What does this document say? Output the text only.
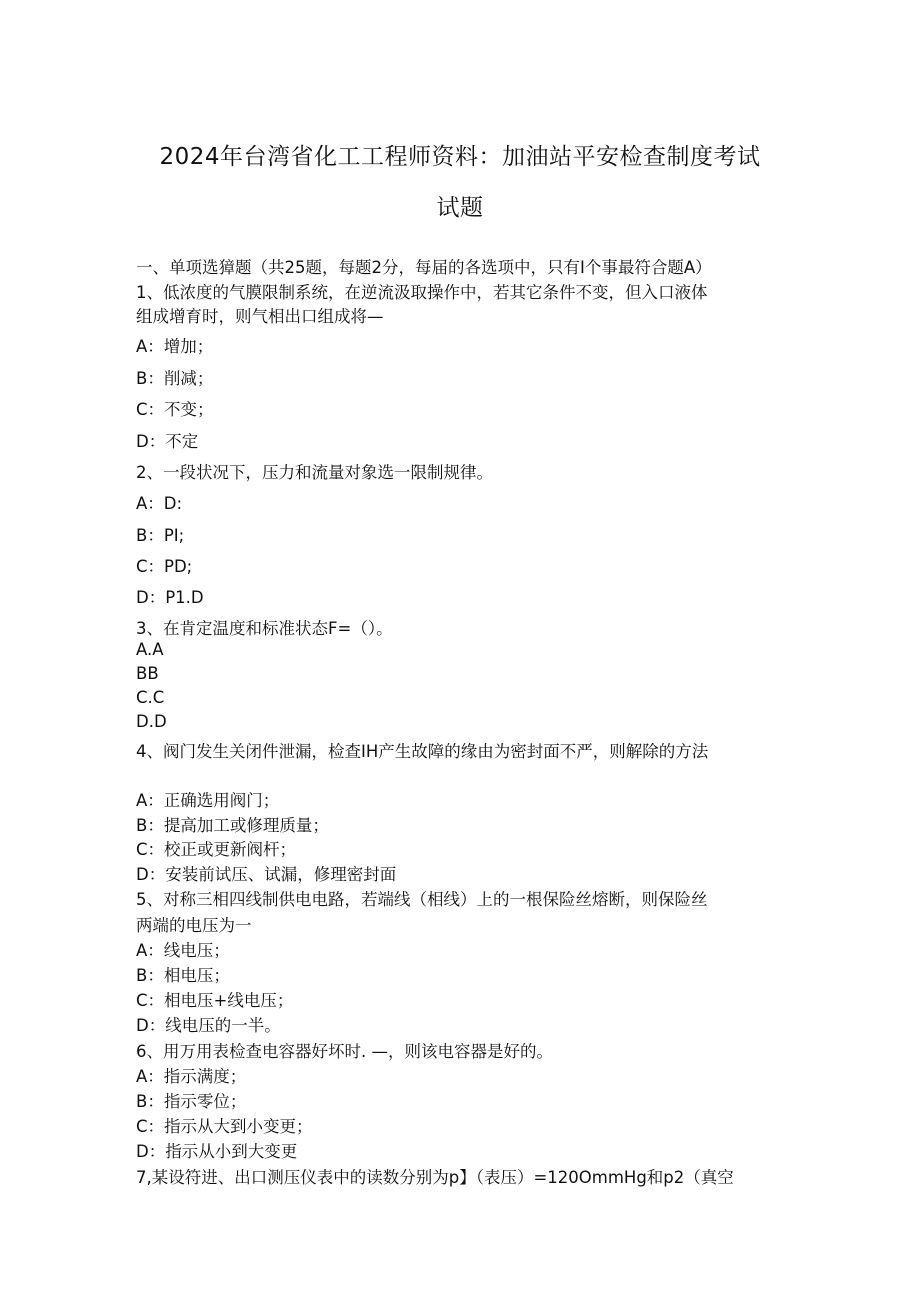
2024年台湾省化工工程师资料：加油站平安检查制度考试
试题
一、单项选獐题（共25题，每题2分，每届的各选项中，只有I个事最符合题A）
1、低浓度的气膜限制系统，在逆流汲取操作中，若其它条件不变，但入口液体
组成增育时，则气相出口组成将—
A：增加；
B：削减；
C：不变；
D：不定
2、一段状况下，压力和流量对象选一限制规律。
A：D:
B：PI;
C：PD;
D：P1.D
3、在肯定温度和标准状态F=（）。
A.A
BB
C.C
D.D
4、阀门发生关闭件泄漏，检查IH产生故障的缘由为密封面不严，则解除的方法
A：正确选用阀门；
B：提高加工或修理质量；
C：校正或更新阀杆；
D：安装前试压、试漏，修理密封面
5、对称三相四线制供电电路，若端线（相线）上的一根保险丝熔断，则保险丝
两端的电压为一
A：线电压；
B：相电压；
C：相电压+线电压；
D：线电压的一半。
6、用万用表检查电容器好坏时. —，则该电容器是好的。
A：指示满度；
B：指示零位；
C：指示从大到小变更；
D：指示从小到大变更
7,某设符进、出口测压仪表中的读数分别为p】（表压）=120OmmHg和p2（真空
